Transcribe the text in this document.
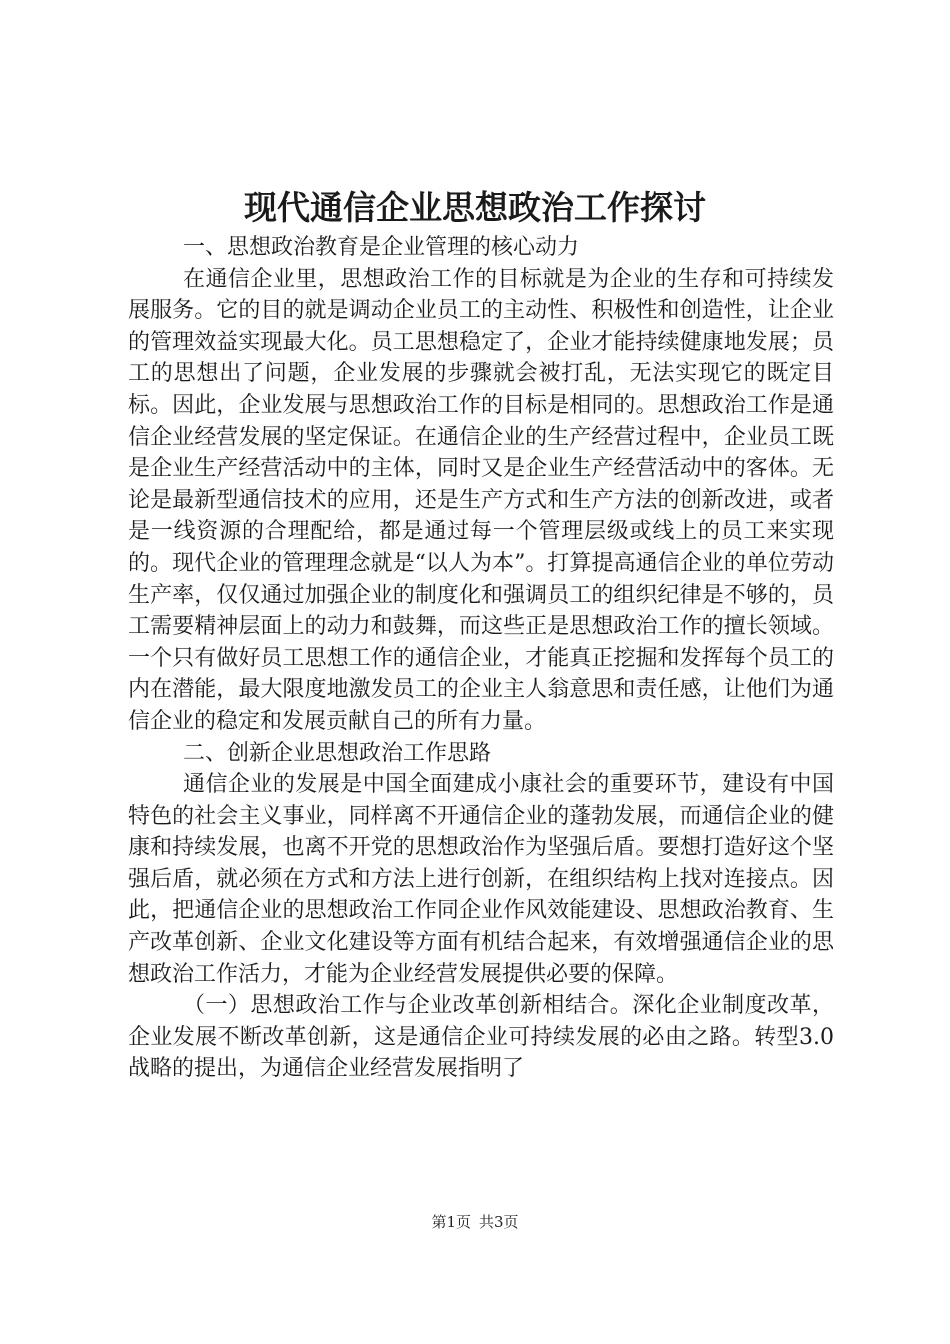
现代通信企业思想政治工作探讨

一、思想政治教育是企业管理的核心动力

在通信企业里，思想政治工作的目标就是为企业的生存和可持续发展服务。它的目的就是调动企业员工的主动性、积极性和创造性，让企业的管理效益实现最大化。员工思想稳定了，企业才能持续健康地发展；员工的思想出了问题，企业发展的步骤就会被打乱，无法实现它的既定目标。因此，企业发展与思想政治工作的目标是相同的。思想政治工作是通信企业经营发展的坚定保证。在通信企业的生产经营过程中，企业员工既是企业生产经营活动中的主体，同时又是企业生产经营活动中的客体。无论是最新型通信技术的应用，还是生产方式和生产方法的创新改进，或者是一线资源的合理配给，都是通过每一个管理层级或线上的员工来实现的。现代企业的管理理念就是“以人为本”。打算提高通信企业的单位劳动生产率，仅仅通过加强企业的制度化和强调员工的组织纪律是不够的，员工需要精神层面上的动力和鼓舞，而这些正是思想政治工作的擅长领域。一个只有做好员工思想工作的通信企业，才能真正挖掘和发挥每个员工的内在潜能，最大限度地激发员工的企业主人翁意思和责任感，让他们为通信企业的稳定和发展贡献自己的所有力量。

二、创新企业思想政治工作思路

通信企业的发展是中国全面建成小康社会的重要环节，建设有中国特色的社会主义事业，同样离不开通信企业的蓬勃发展，而通信企业的健康和持续发展，也离不开党的思想政治作为坚强后盾。要想打造好这个坚强后盾，就必须在方式和方法上进行创新，在组织结构上找对连接点。因此，把通信企业的思想政治工作同企业作风效能建设、思想政治教育、生产改革创新、企业文化建设等方面有机结合起来，有效增强通信企业的思想政治工作活力，才能为企业经营发展提供必要的保障。

（一）思想政治工作与企业改革创新相结合。深化企业制度改革，企业发展不断改革创新，这是通信企业可持续发展的必由之路。转型3.0战略的提出，为通信企业经营发展指明了

第1页 共3页
